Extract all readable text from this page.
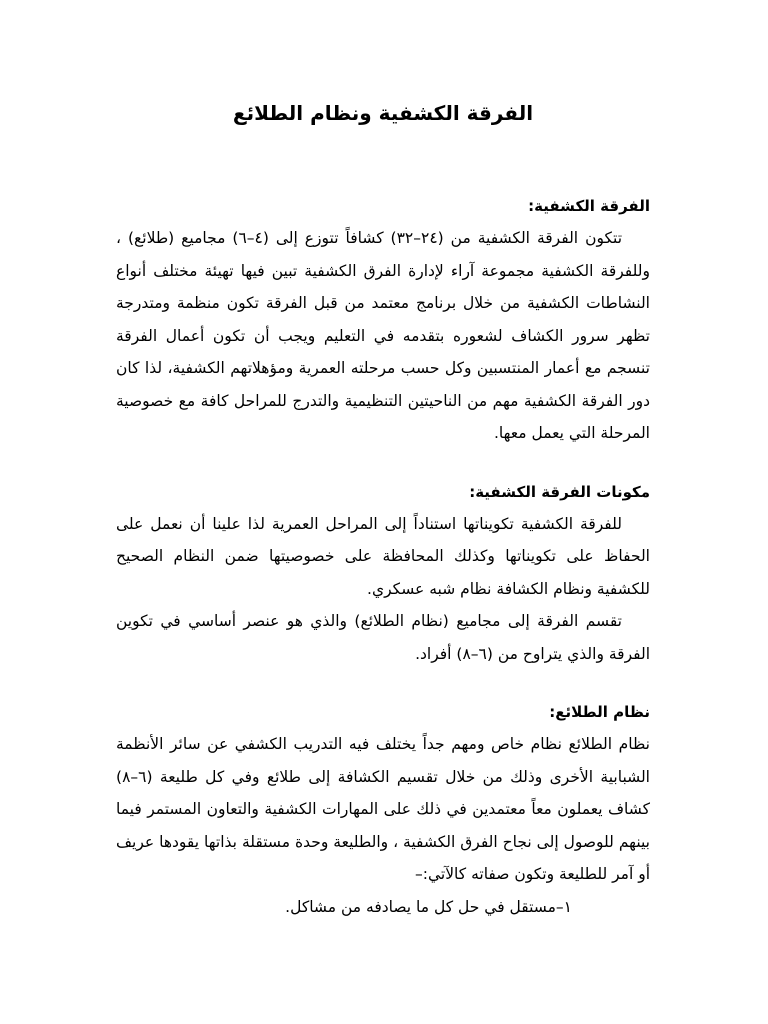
الفرقة الكشفية ونظام الطلائع
الفرقة الكشفية:

تتكون الفرقة الكشفية من (٢٤–٣٢) كشافاً تتوزع إلى (٤–٦) مجاميع (طلائع) ، وللفرقة الكشفية مجموعة آراء لإدارة الفرق الكشفية تبين فيها تهيئة مختلف أنواع النشاطات الكشفية من خلال برنامج معتمد من قبل الفرقة تكون منظمة ومتدرجة تظهر سرور الكشاف لشعوره بتقدمه في التعليم ويجب أن تكون أعمال الفرقة تنسجم مع أعمار المنتسبين وكل حسب مرحلته العمرية ومؤهلاتهم الكشفية، لذا كان دور الفرقة الكشفية مهم من الناحيتين التنظيمية والتدرج للمراحل كافة مع خصوصية المرحلة التي يعمل معها.

مكونات الفرقة الكشفية:

للفرقة الكشفية تكويناتها استناداً إلى المراحل العمرية لذا علينا أن نعمل على الحفاظ على تكويناتها وكذلك المحافظة على خصوصيتها ضمن النظام الصحيح للكشفية ونظام الكشافة نظام شبه عسكري.

تقسم الفرقة إلى مجاميع (نظام الطلائع) والذي هو عنصر أساسي في تكوين الفرقة والذي يتراوح من (٦–٨) أفراد.

نظام الطلائع:

نظام الطلائع نظام خاص ومهم جداً يختلف فيه التدريب الكشفي عن سائر الأنظمة الشبابية الأخرى وذلك من خلال تقسيم الكشافة إلى طلائع وفي كل طليعة (٦–٨) كشاف يعملون معاً معتمدين في ذلك على المهارات الكشفية والتعاون المستمر فيما بينهم للوصول إلى نجاح الفرق الكشفية ، والطليعة وحدة مستقلة بذاتها يقودها عريف أو آمر للطليعة وتكون صفاته كالآتي:–

١–مستقل في حل كل ما يصادفه من مشاكل.
